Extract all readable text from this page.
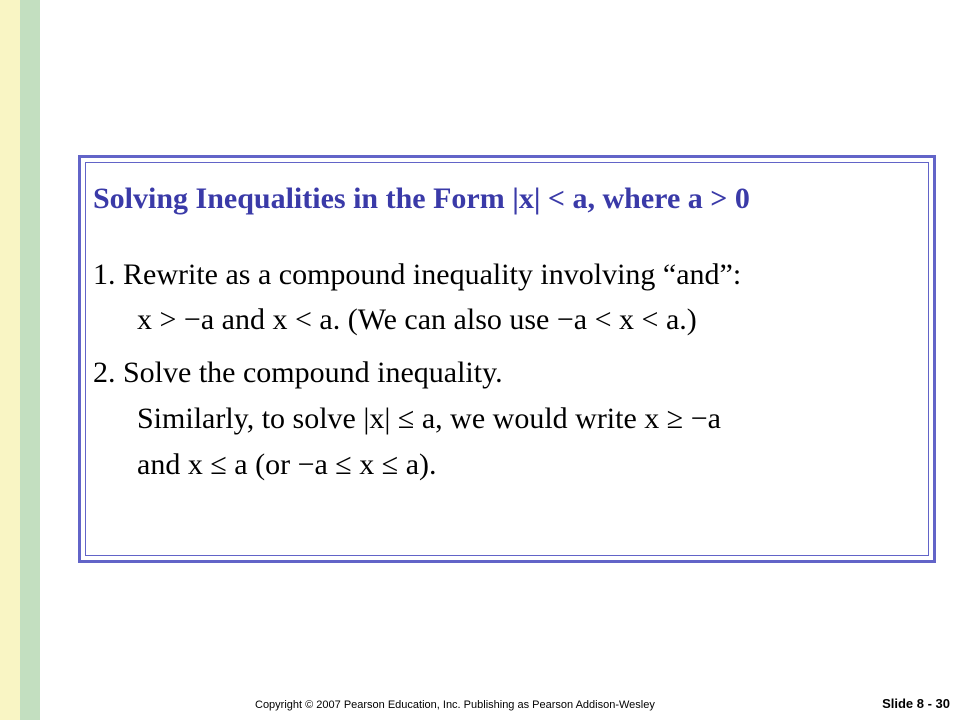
Solving Inequalities in the Form |x| < a, where a > 0
1. Rewrite as a compound inequality involving “and”:
x > −a and x < a. (We can also use −a < x < a.)
2. Solve the compound inequality.
Similarly, to solve |x| ≤ a, we would write x ≥ −a
and x ≤ a (or −a ≤ x ≤ a).
Copyright © 2007 Pearson Education, Inc. Publishing as Pearson Addison-Wesley	Slide 8 - 30
